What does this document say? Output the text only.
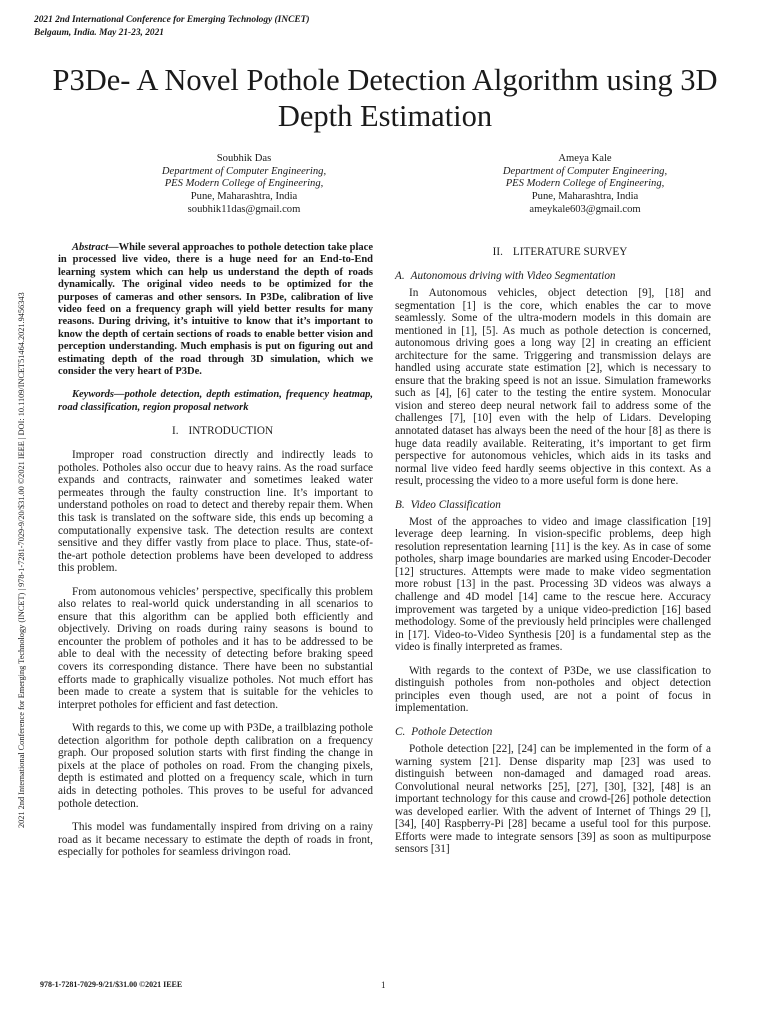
2021 2nd International Conference for Emerging Technology (INCET)
Belgaum, India. May 21-23, 2021
2021 2nd International Conference for Emerging Technology (INCET) | 978-1-7281-7029-9/20/$31.00 ©2021 IEEE | DOI: 10.1109/INCET51464.2021.9456343
P3De- A Novel Pothole Detection Algorithm using 3D Depth Estimation
Soubhik Das
Department of Computer Engineering,
PES Modern College of Engineering,
Pune, Maharashtra, India
soubhik11das@gmail.com
Ameya Kale
Department of Computer Engineering,
PES Modern College of Engineering,
Pune, Maharashtra, India
ameykale603@gmail.com

Abstract—While several approaches to pothole detection take place in processed live video, there is a huge need for an End-to-End learning system which can help us understand the depth of roads dynamically. The original video needs to be optimized for the purposes of cameras and other sensors. In P3De, calibration of live video feed on a frequency graph will yield better results for many reasons. During driving, it’s intuitive to know that it’s important to know the depth of certain sections of roads to enable better vision and perception understanding. Much emphasis is put on figuring out and estimating depth of the road through 3D simulation, which we consider the very heart of P3De.

Keywords—pothole detection, depth estimation, frequency heatmap, road classification, region proposal network

I. INTRODUCTION

Improper road construction directly and indirectly leads to potholes. Potholes also occur due to heavy rains. As the road surface expands and contracts, rainwater and sometimes leaked water permeates through the faulty construction line. It’s important to understand potholes on road to detect and thereby repair them. When this task is translated on the software side, this ends up becoming a computationally expensive task. The detection results are context sensitive and they differ vastly from place to place. Thus, state-of-the-art pothole detection problems have been developed to address this problem.

From autonomous vehicles’ perspective, specifically this problem also relates to real-world quick understanding in all scenarios to ensure that this algorithm can be applied both efficiently and objectively. Driving on roads during rainy seasons is bound to encounter the problem of potholes and it has to be addressed to be able to deal with the necessity of detecting before braking speed covers its corresponding distance. There have been no substantial efforts made to graphically visualize potholes. Not much effort has been made to create a system that is suitable for the vehicles to interpret potholes for efficient and fast detection.

With regards to this, we come up with P3De, a trailblazing pothole detection algorithm for pothole depth calibration on a frequency graph. Our proposed solution starts with first finding the change in pixels at the place of potholes on road. From the changing pixels, depth is estimated and plotted on a frequency scale, which in turn aids in detecting potholes. This proves to be useful for advanced pothole detection.

This model was fundamentally inspired from driving on a rainy road as it became necessary to estimate the depth of roads in front, especially for potholes for seamless drivingon road.

II. LITERATURE SURVEY

A. Autonomous driving with Video Segmentation

In Autonomous vehicles, object detection [9], [18] and segmentation [1] is the core, which enables the car to move seamlessly. Some of the ultra-modern models in this domain are mentioned in [1], [5]. As much as pothole detection is concerned, autonomous driving goes a long way [2] in creating an efficient architecture for the same. Triggering and transmission delays are handled using accurate state estimation [2], which is necessary to ensure that the braking speed is not an issue. Simulation frameworks such as [4], [6] cater to the testing the entire system. Monocular vision and stereo deep neural network fail to address some of the challenges [7], [10] even with the help of Lidars. Developing annotated dataset has always been the need of the hour [8] as there is huge data readily available. Reiterating, it’s important to get firm perspective for autonomous vehicles, which aids in its tasks and normal live video feed hardly seems objective in this context. As a result, processing the video to a more useful form is done here.

B. Video Classification

Most of the approaches to video and image classification [19] leverage deep learning. In vision-specific problems, deep high resolution representation learning [11] is the key. As in case of some potholes, sharp image boundaries are marked using Encoder-Decoder [12] structures. Attempts were made to make video segmentation more robust [13] in the past. Processing 3D videos was always a challenge and 4D model [14] came to the rescue here. Accuracy improvement was targeted by a unique video-prediction [16] based methodology. Some of the previously held principles were challenged in [17]. Video-to-Video Synthesis [20] is a fundamental step as the video is finally interpreted as frames.

With regards to the context of P3De, we use classification to distinguish potholes from non-potholes and object detection principles even though used, are not a point of focus in implementation.

C. Pothole Detection

Pothole detection [22], [24] can be implemented in the form of a warning system [21]. Dense disparity map [23] was used to distinguish between non-damaged and damaged road areas. Convolutional neural networks [25], [27], [30], [32], [48] is an important technology for this cause and crowd-[26] pothole detection was developed earlier. With the advent of Internet of Things 29 [], [34], [40] Raspberry-Pi [28] became a useful tool for this purpose. Efforts were made to integrate sensors [39] as soon as multipurpose sensors [31]

978-1-7281-7029-9/21/$31.00 ©2021 IEEE	1
